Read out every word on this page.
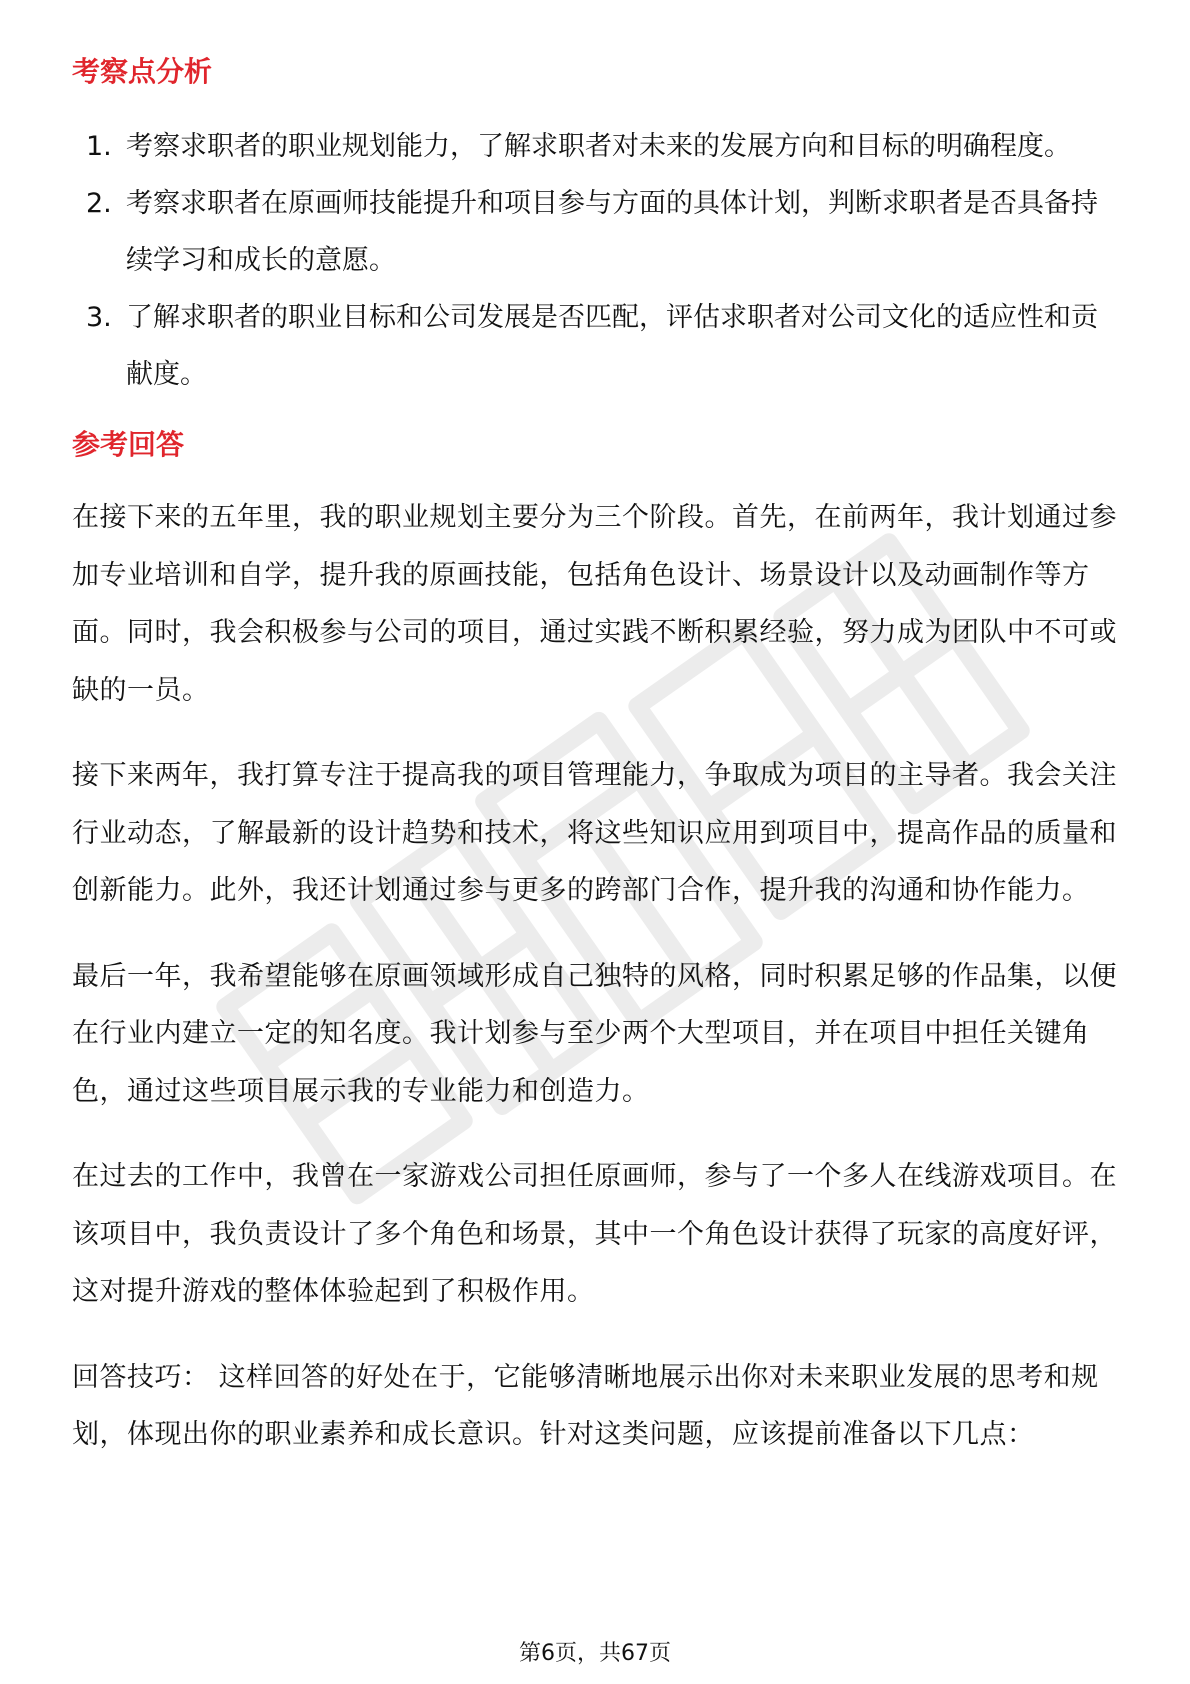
考察点分析
1. 考察求职者的职业规划能力，了解求职者对未来的发展方向和目标的明确程度。
2. 考察求职者在原画师技能提升和项目参与方面的具体计划，判断求职者是否具备持续学习和成长的意愿。
3. 了解求职者的职业目标和公司发展是否匹配，评估求职者对公司文化的适应性和贡献度。
参考回答

在接下来的五年里，我的职业规划主要分为三个阶段。首先，在前两年，我计划通过参加专业培训和自学，提升我的原画技能，包括角色设计、场景设计以及动画制作等方面。同时，我会积极参与公司的项目，通过实践不断积累经验，努力成为团队中不可或缺的一员。

接下来两年，我打算专注于提高我的项目管理能力，争取成为项目的主导者。我会关注行业动态，了解最新的设计趋势和技术，将这些知识应用到项目中，提高作品的质量和创新能力。此外，我还计划通过参与更多的跨部门合作，提升我的沟通和协作能力。

最后一年，我希望能够在原画领域形成自己独特的风格，同时积累足够的作品集，以便在行业内建立一定的知名度。我计划参与至少两个大型项目，并在项目中担任关键角色，通过这些项目展示我的专业能力和创造力。

在过去的工作中，我曾在一家游戏公司担任原画师，参与了一个多人在线游戏项目。在该项目中，我负责设计了多个角色和场景，其中一个角色设计获得了玩家的高度好评，这对提升游戏的整体体验起到了积极作用。

回答技巧： 这样回答的好处在于，它能够清晰地展示出你对未来职业发展的思考和规划，体现出你的职业素养和成长意识。针对这类问题，应该提前准备以下几点：

第6页，共67页
